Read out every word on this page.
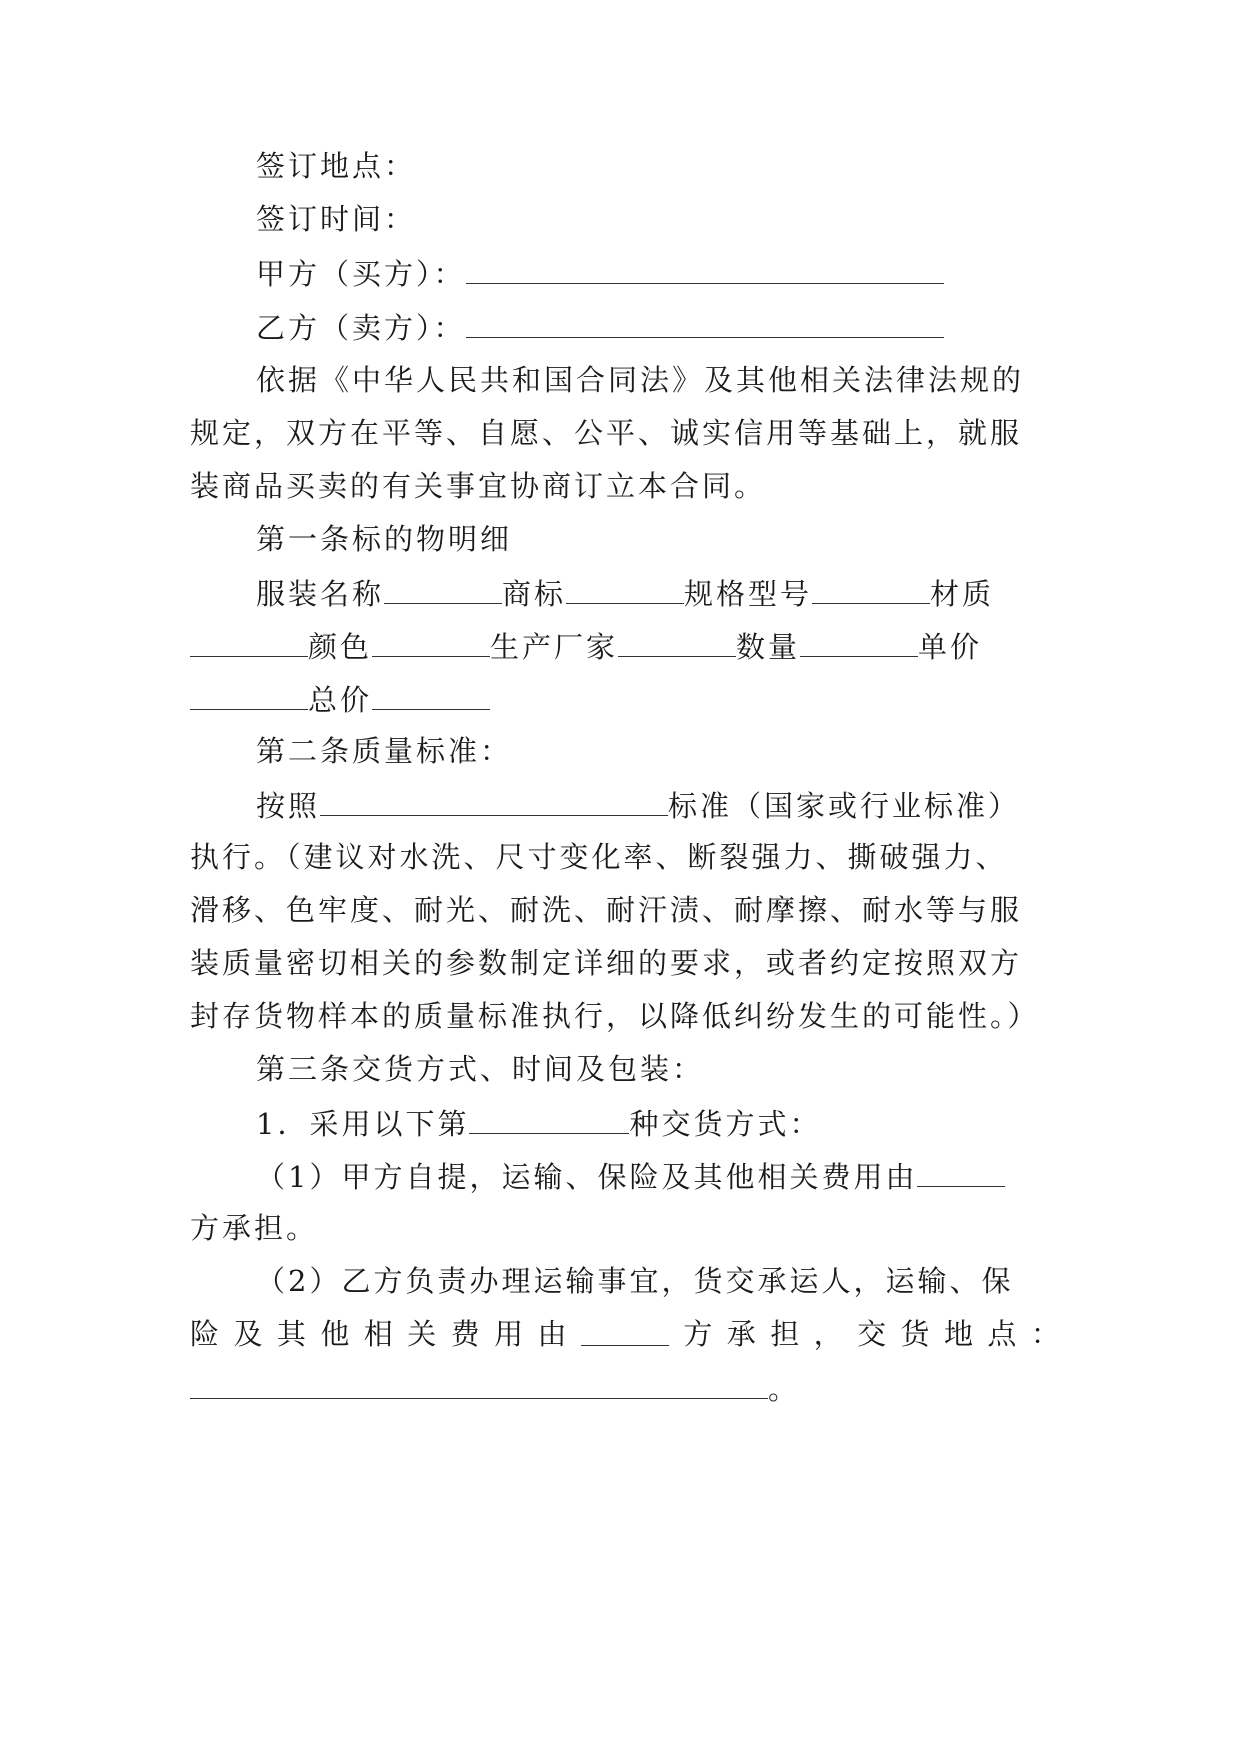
签订地点：
签订时间：
甲方（买方）：
乙方（卖方）：
依据《中华人民共和国合同法》及其他相关法律法规的
规定，双方在平等、自愿、公平、诚实信用等基础上，就服
装商品买卖的有关事宜协商订立本合同。
第一条标的物明细
服装名称	商标	规格型号	材质
颜色	生产厂家	数量	单价
总价
第二条质量标准：
按照	标准（国家或行业标准）
执行。（建议对水洗、尺寸变化率、断裂强力、撕破强力、
滑移、色牢度、耐光、耐洗、耐汗渍、耐摩擦、耐水等与服
装质量密切相关的参数制定详细的要求，或者约定按照双方
封存货物样本的质量标准执行，以降低纠纷发生的可能性。）
第三条交货方式、时间及包装：
1．采用以下第	种交货方式：
（1）甲方自提，运输、保险及其他相关费用由
方承担。
（2）乙方负责办理运输事宜，货交承运人，运输、保
险 及 其 他 相 关 费 用 由	方 承 担 ， 交 货 地 点 ：
。
